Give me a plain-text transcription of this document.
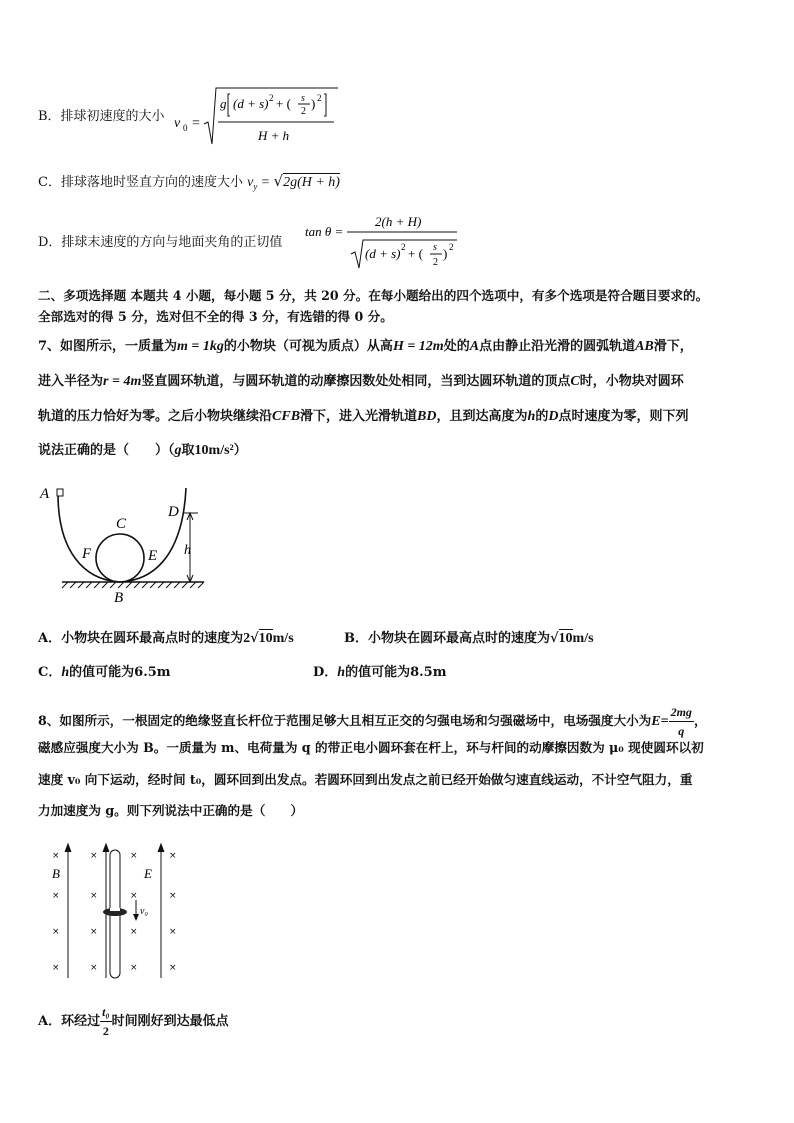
B．排球初速度的大小 v 0 =
g (d + s) 2 + ( s
2
) 2
H + h
C．排球落地时竖直方向的速度大小 $v_y = √2g(H + h)$
D．排球末速度的方向与地面夹角的正切值
tan θ =
2(h + H)
(d + s) 2 + ( s
2
) 2
二、多项选择题 本题共 4 小题，每小题 5 分，共 20 分。在每小题给出的四个选项中，有多个选项是符合题目要求的。
全部选对的得 5 分，选对但不全的得 3 分，有选错的得 0 分。
7、如图所示，一质量为m = 1kg的小物块（可视为质点）从高H = 12m处的A点由静止沿光滑的圆弧轨道AB滑下，
进入半径为r = 4m竖直圆环轨道，与圆环轨道的动摩擦因数处处相同，当到达圆环轨道的顶点C时，小物块对圆环
轨道的压力恰好为零。之后小物块继续沿CFB滑下，进入光滑轨道BD，且到达高度为h的D点时速度为零，则下列
说法正确的是（　　）（g取10m/s²）
A
B
C
D
E
F	h
A．小物块在圆环最高点时的速度为2√10m/s	B．小物块在圆环最高点时的速度为√10m/s
C．h的值可能为6.5m	D．h的值可能为8.5m
8、如图所示，一根固定的绝缘竖直长杆位于范围足够大且相互正交的匀强电场和匀强磁场中，电场强度大小为$E= \frac{2mg}{q}$ ，
磁感应强度大小为 B。一质量为 m、电荷量为 q 的带正电小圆环套在杆上，环与杆间的动摩擦因数为 μ₀ 现使圆环以初
速度 v₀ 向下运动，经时间 t₀，圆环回到出发点。若圆环回到出发点之前已经开始做匀速直线运动，不计空气阻力，重
力加速度为 g。则下列说法中正确的是（　　）
×
×
×
×
×
×
×
×
×
×
×
×
×
×
×
×
B	E
v₀
A．环经过 $\frac{\text{t₀}}{2}$ 时间刚好到达最低点
